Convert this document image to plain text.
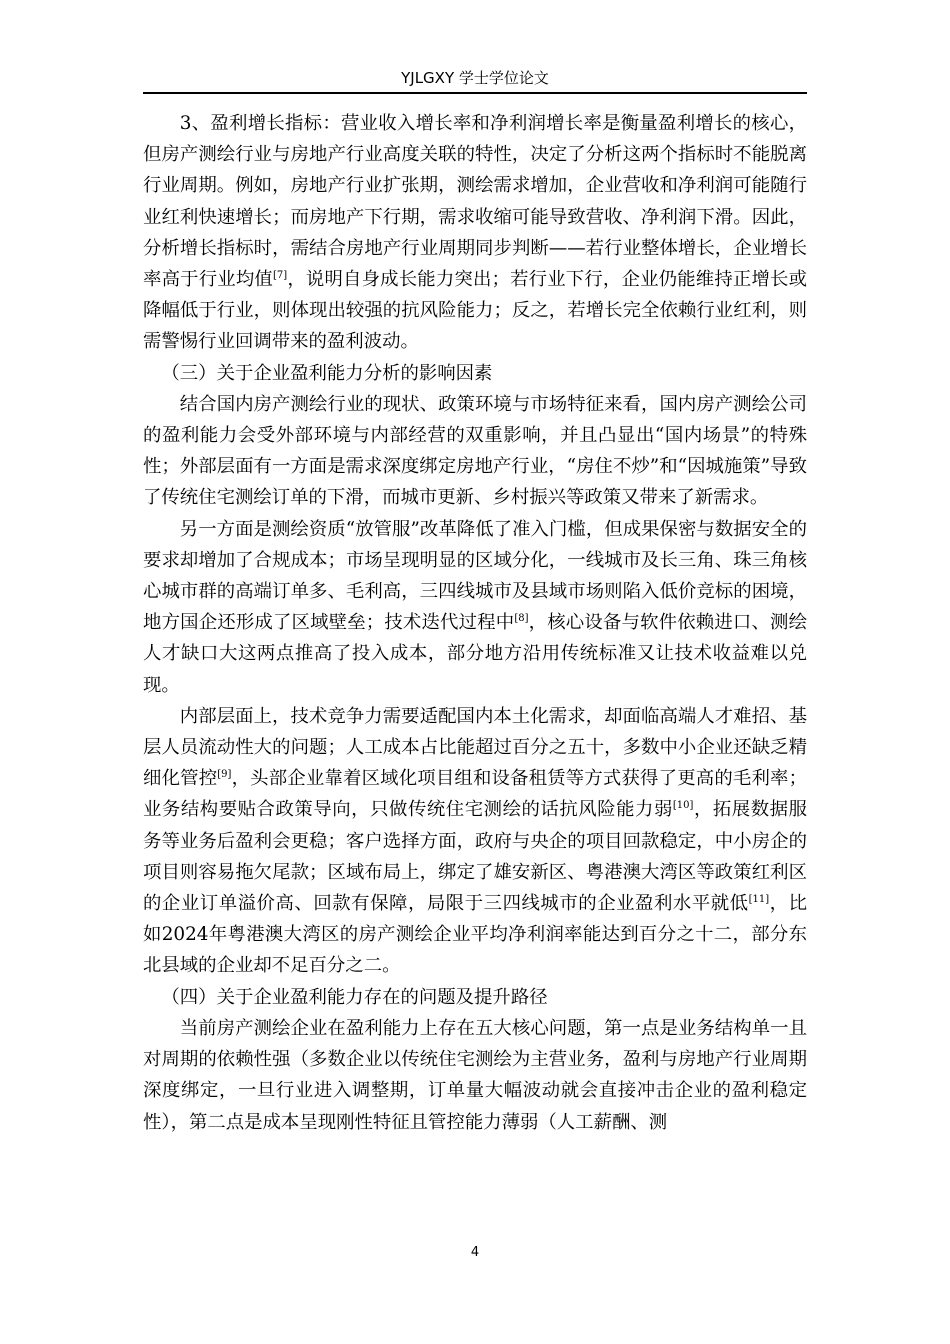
YJLGXY 学士学位论文

3、盈利增长指标：营业收入增长率和净利润增长率是衡量盈利增长的核心，但房产测绘行业与房地产行业高度关联的特性，决定了分析这两个指标时不能脱离行业周期。例如，房地产行业扩张期，测绘需求增加，企业营收和净利润可能随行业红利快速增长；而房地产下行期，需求收缩可能导致营收、净利润下滑。因此，分析增长指标时，需结合房地产行业周期同步判断——若行业整体增长，企业增长率高于行业均值[7]，说明自身成长能力突出；若行业下行，企业仍能维持正增长或降幅低于行业，则体现出较强的抗风险能力；反之，若增长完全依赖行业红利，则需警惕行业回调带来的盈利波动。

（三）关于企业盈利能力分析的影响因素

结合国内房产测绘行业的现状、政策环境与市场特征来看，国内房产测绘公司的盈利能力会受外部环境与内部经营的双重影响，并且凸显出“国内场景”的特殊性；外部层面有一方面是需求深度绑定房地产行业，“房住不炒”和“因城施策”导致了传统住宅测绘订单的下滑，而城市更新、乡村振兴等政策又带来了新需求。

另一方面是测绘资质“放管服”改革降低了准入门槛，但成果保密与数据安全的要求却增加了合规成本；市场呈现明显的区域分化，一线城市及长三角、珠三角核心城市群的高端订单多、毛利高，三四线城市及县域市场则陷入低价竞标的困境，地方国企还形成了区域壁垒；技术迭代过程中[8]，核心设备与软件依赖进口、测绘人才缺口大这两点推高了投入成本，部分地方沿用传统标准又让技术收益难以兑现。

内部层面上，技术竞争力需要适配国内本土化需求，却面临高端人才难招、基层人员流动性大的问题；人工成本占比能超过百分之五十，多数中小企业还缺乏精细化管控[9]，头部企业靠着区域化项目组和设备租赁等方式获得了更高的毛利率；业务结构要贴合政策导向，只做传统住宅测绘的话抗风险能力弱[10]，拓展数据服务等业务后盈利会更稳；客户选择方面，政府与央企的项目回款稳定，中小房企的项目则容易拖欠尾款；区域布局上，绑定了雄安新区、粤港澳大湾区等政策红利区的企业订单溢价高、回款有保障，局限于三四线城市的企业盈利水平就低[11]，比如2024年粤港澳大湾区的房产测绘企业平均净利润率能达到百分之十二，部分东北县域的企业却不足百分之二。

（四）关于企业盈利能力存在的问题及提升路径

当前房产测绘企业在盈利能力上存在五大核心问题，第一点是业务结构单一且对周期的依赖性强（多数企业以传统住宅测绘为主营业务，盈利与房地产行业周期深度绑定，一旦行业进入调整期，订单量大幅波动就会直接冲击企业的盈利稳定性），第二点是成本呈现刚性特征且管控能力薄弱（人工薪酬、测

4
